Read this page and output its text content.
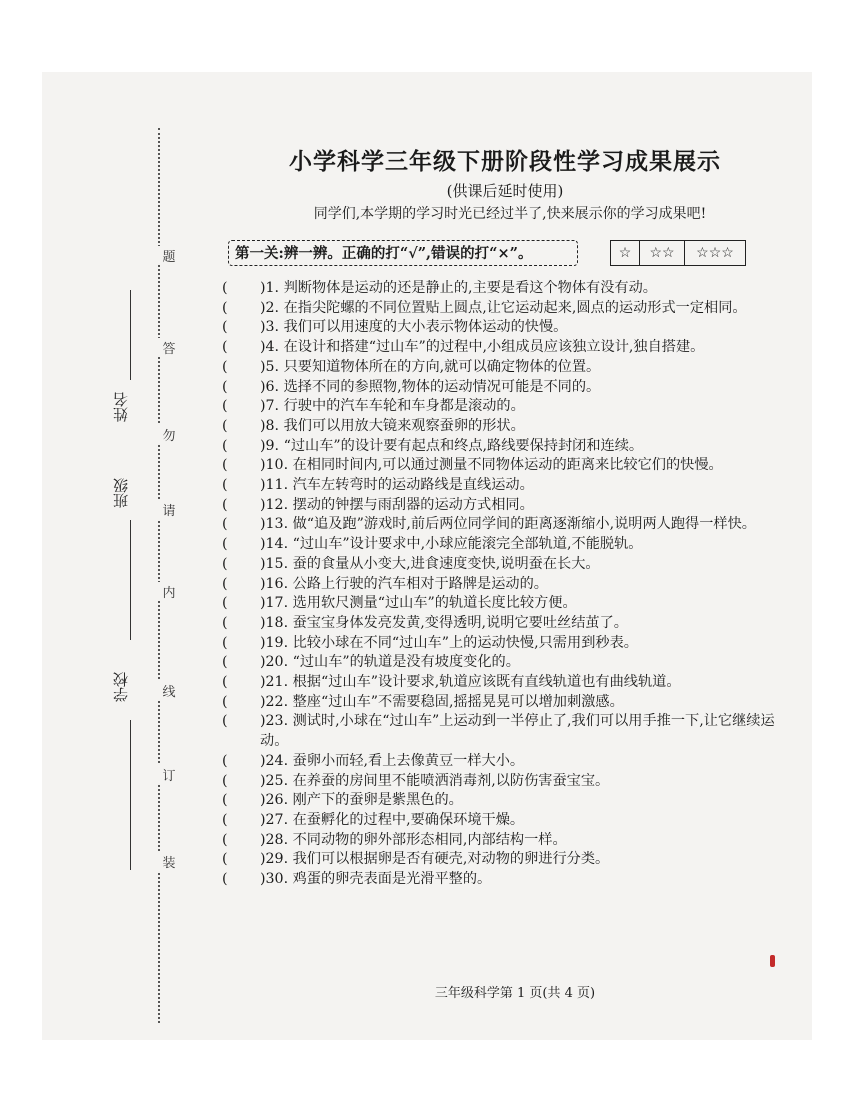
题
答
勿
请
内
线
订
装
姓名
班级
学校
小学科学三年级下册阶段性学习成果展示
(供课后延时使用)
同学们,本学期的学习时光已经过半了,快来展示你的学习成果吧!
第一关:辨一辨。正确的打“√”,错误的打“×”。	☆	☆☆	☆☆☆
(	)1. 判断物体是运动的还是静止的,主要是看这个物体有没有动。
(	)2. 在指尖陀螺的不同位置贴上圆点,让它运动起来,圆点的运动形式一定相同。
(	)3. 我们可以用速度的大小表示物体运动的快慢。
(	)4. 在设计和搭建“过山车”的过程中,小组成员应该独立设计,独自搭建。
(	)5. 只要知道物体所在的方向,就可以确定物体的位置。
(	)6. 选择不同的参照物,物体的运动情况可能是不同的。
(	)7. 行驶中的汽车车轮和车身都是滚动的。
(	)8. 我们可以用放大镜来观察蚕卵的形状。
(	)9. “过山车”的设计要有起点和终点,路线要保持封闭和连续。
(	)10. 在相同时间内,可以通过测量不同物体运动的距离来比较它们的快慢。
(	)11. 汽车左转弯时的运动路线是直线运动。
(	)12. 摆动的钟摆与雨刮器的运动方式相同。
(	)13. 做“追及跑”游戏时,前后两位同学间的距离逐渐缩小,说明两人跑得一样快。
(	)14. “过山车”设计要求中,小球应能滚完全部轨道,不能脱轨。
(	)15. 蚕的食量从小变大,进食速度变快,说明蚕在长大。
(	)16. 公路上行驶的汽车相对于路牌是运动的。
(	)17. 选用软尺测量“过山车”的轨道长度比较方便。
(	)18. 蚕宝宝身体发亮发黄,变得透明,说明它要吐丝结茧了。
(	)19. 比较小球在不同“过山车”上的运动快慢,只需用到秒表。
(	)20. “过山车”的轨道是没有坡度变化的。
(	)21. 根据“过山车”设计要求,轨道应该既有直线轨道也有曲线轨道。
(	)22. 整座“过山车”不需要稳固,摇摇晃晃可以增加刺激感。
(	)23. 测试时,小球在“过山车”上运动到一半停止了,我们可以用手推一下,让它继续运动。
(	)24. 蚕卵小而轻,看上去像黄豆一样大小。
(	)25. 在养蚕的房间里不能喷洒消毒剂,以防伤害蚕宝宝。
(	)26. 刚产下的蚕卵是紫黑色的。
(	)27. 在蚕孵化的过程中,要确保环境干燥。
(	)28. 不同动物的卵外部形态相同,内部结构一样。
(	)29. 我们可以根据卵是否有硬壳,对动物的卵进行分类。
(	)30. 鸡蛋的卵壳表面是光滑平整的。
三年级科学第 1 页(共 4 页)
